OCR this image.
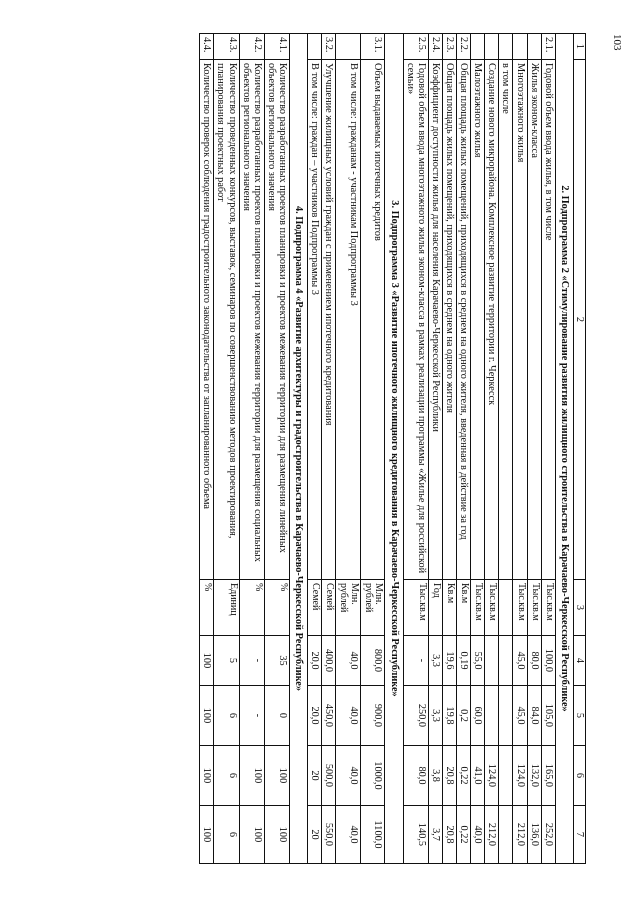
103
1	2	3	4	5	6	7
2. Подпрограмма 2 «Стимулирование развития жилищного строительства в Карачаево-Черкесской Республике»						
2.1.	Годовой объем ввода жилья, в том числе	Тыс.кв.м	100,0	105,0	165,0	252,0
	Жилья эконом-класса	Тыс.кв.м	80,0	84,0	132,0	136,0
	Многоэтажного жилья	Тыс.кв.м	45,0	45,0	124,0	212,0
	в том числе					
	Создание нового микрорайона. Комплексное развитие территории г. Черкесск	Тыс.кв.м			124,0	212,0
	Малоэтажного жилья	Тыс.кв.м	55,0	60,0	41,0	40,0
2.2.	Общая площадь жилых помещений, приходящихся в среднем на одного жителя, введенная в действие за год	Кв.м	0,19	0,2	0,22	0,22
2.3.	Общая площадь жилых помещений, приходящихся в среднем на одного жителя	Кв.м	19,6	19,8	20,8	20,8
2.4.	Коэффициент доступности жилья для населения Карачаево-Черкесской Республики	Год	3,3	3,3	3,8	3,7
2.5.	Годовой объем ввода многоэтажного жилья эконом-класса в рамках реализации программы «Жилье для российской семьи»	Тыс.кв.м	-	250,0	80,0	140,5
3. Подпрограмма 3 «Развитие ипотечного жилищного кредитования в Карачаево-Черкесской Республике»						
3.1.	Объем выдаваемых ипотечных кредитов	Млн. рублей	800,0	900,0	1000,0	1100,0
	В том числе: гражданам - участникам Подпрограммы 3	Млн. рублей	40,0	40,0	40,0	40,0
3.2.	Улучшение жилищных условий граждан с применением ипотечного кредитования	Семей	400,0	450,0	500,0	550,0
	В том числе: граждан – участников Подпрограммы 3	Семей	20,0	20,0	20	20
4. Подпрограмма 4 «Развитие архитектуры и градостроительства в Карачаево-Черкесской Республике»						
4.1.	Количество разработанных проектов планировки и проектов межевания территории для размещения линейных объектов регионального значения	%	35	0	100	100
4.2.	Количество разработанных проектов планировки и проектов межевания территории для размещения социальных объектов регионального значения	%	-	-	100	100
4.3.	Количество проведенных конкурсов, выставок, семинаров по совершенствованию методов проектирования, планирования проектных работ	Единиц	5	6	6	6
4.4.	Количество проверок соблюдения градостроительного законодательства от запланированного объема	%	100	100	100	100
